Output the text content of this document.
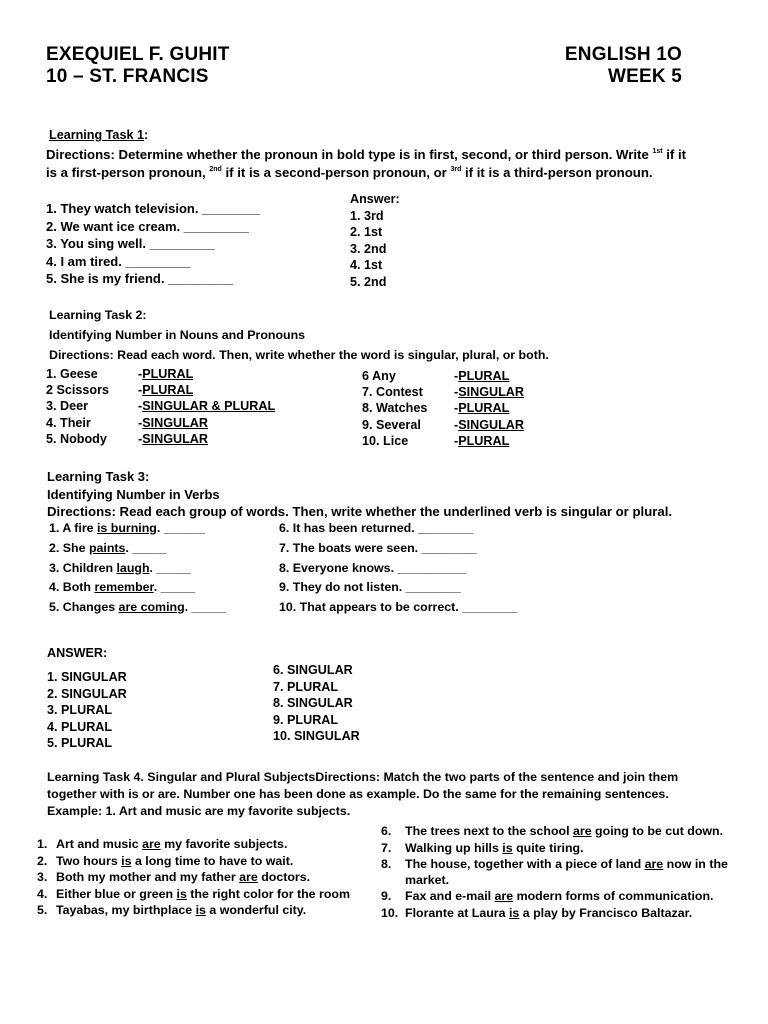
EXEQUIEL F. GUHIT
10 – ST. FRANCIS
ENGLISH 1O
WEEK 5
Learning Task 1:
Directions: Determine whether the pronoun in bold type is in first, second, or third person. Write $^{1st}$ if it
is a first-person pronoun, $^{2nd}$ if it is a second-person pronoun, or $^{3rd}$ if it is a third-person pronoun.
1. They watch television. ________
2. We want ice cream. _________
3. You sing well. _________
4. I am tired. _________
5. She is my friend. _________
Answer:
1. 3rd
2. 1st
3. 2nd
4. 1st
5. 2nd
Learning Task 2:
Identifying Number in Nouns and Pronouns
Directions: Read each word. Then, write whether the word is singular, plural, or both.
1. Geese	- PLURAL
2 Scissors	- PLURAL
3. Deer	- SINGULAR & PLURAL
4. Their	- SINGULAR
5. Nobody	- SINGULAR
6 Any	- PLURAL
7. Contest	- SINGULAR
8. Watches	- PLURAL
9. Several	- SINGULAR
10. Lice	- PLURAL
Learning Task 3:
Identifying Number in Verbs
Directions: Read each group of words. Then, write whether the underlined verb is singular or plural.
1. A fire is burning. ______
2. She paints. _____
3. Children laugh. _____
4. Both remember. _____
5. Changes are coming. _____
6. It has been returned. ________
7. The boats were seen. ________
8. Everyone knows. __________
9. They do not listen. ________
10. That appears to be correct. ________
ANSWER:
1. SINGULAR
2. SINGULAR
3. PLURAL
4. PLURAL
5. PLURAL
6. SINGULAR
7. PLURAL
8. SINGULAR
9. PLURAL
10. SINGULAR
Learning Task 4. Singular and Plural SubjectsDirections: Match the two parts of the sentence and join them
together with is or are. Number one has been done as example. Do the same for the remaining sentences.
Example: 1. Art and music are my favorite subjects.
1. Art and music are my favorite subjects.
2. Two hours is a long time to have to wait.
3. Both my mother and my father are doctors.
4. Either blue or green is the right color for the room
5. Tayabas, my birthplace is a wonderful city.
6.	The trees next to the school are going to be cut down.
7.	Walking up hills is quite tiring.
8.	The house, together with a piece of land are now in the
market.
9.	Fax and e-mail are modern forms of communication.
10. Florante at Laura is a play by Francisco Baltazar.
